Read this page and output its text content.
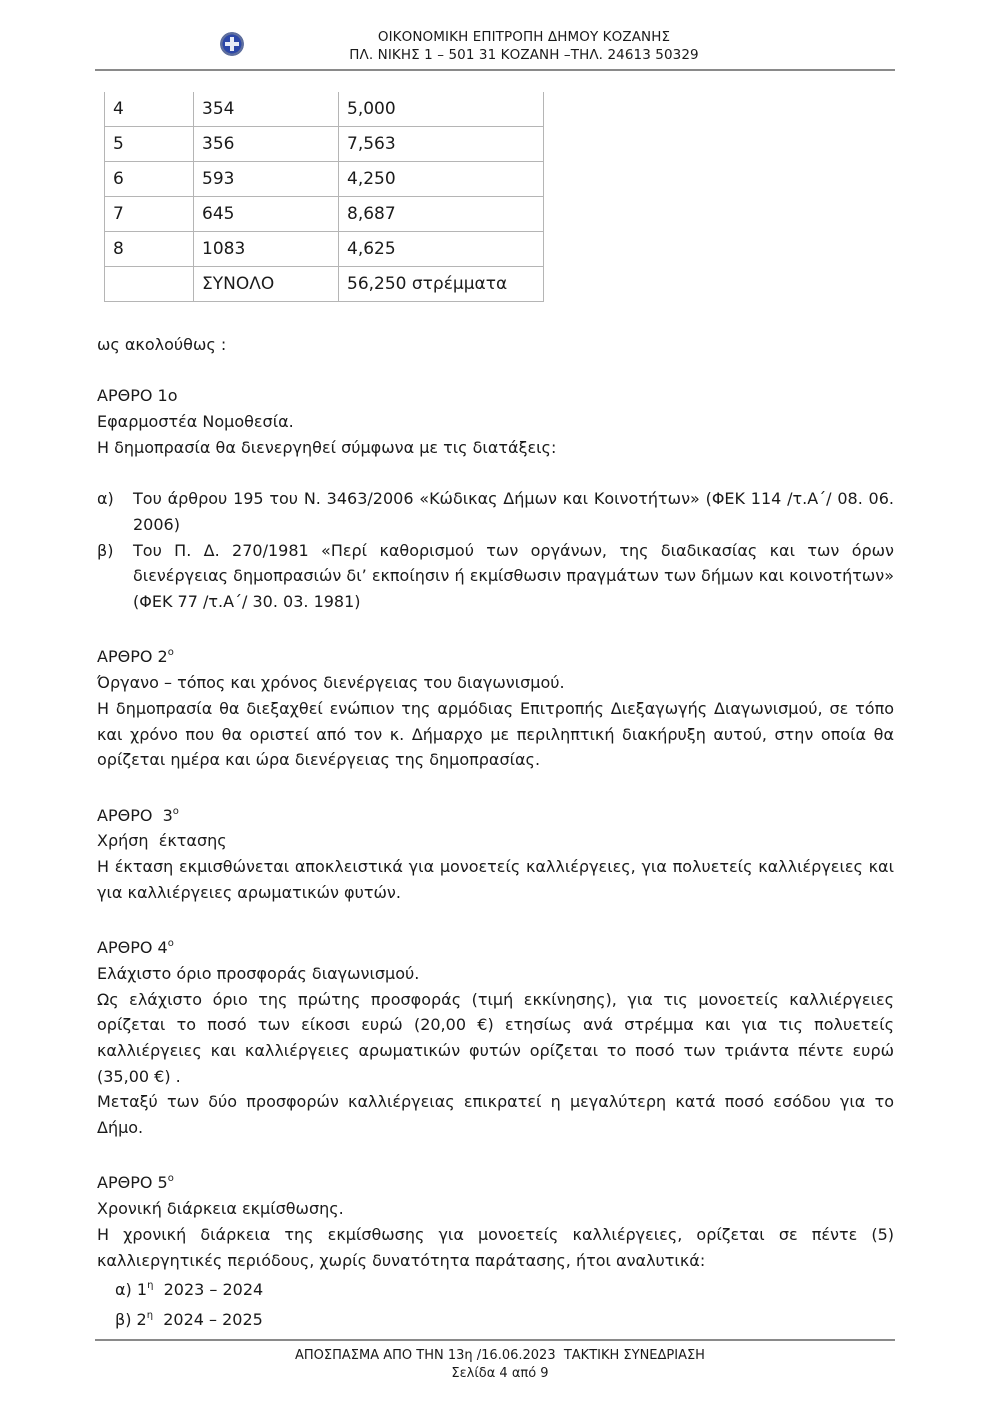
ΟΙΚΟΝΟΜΙΚΗ ΕΠΙΤΡΟΠΗ ΔΗΜΟΥ ΚΟΖΑΝΗΣ
ΠΛ. ΝΙΚΗΣ 1 – 501 31 ΚΟΖΑΝΗ –ΤΗΛ. 24613 50329
4	354	5,000
5	356	7,563
6	593	4,250
7	645	8,687
8	1083	4,625
	ΣΥΝΟΛΟ	56,250 στρέμματα

ως ακολούθως :

ΑΡΘΡΟ 1ο

Εφαρμοστέα Νομοθεσία.

Η δημοπρασία θα διενεργηθεί σύμφωνα με τις διατάξεις:

α)	Του άρθρου 195 του Ν. 3463/2006 «Κώδικας Δήμων και Κοινοτήτων» (ΦΕΚ 114 /τ.Α΄/ 08. 06. 2006)
β)	Του Π. Δ. 270/1981 «Περί καθορισμού των οργάνων, της διαδικασίας και των όρων διενέργειας δημοπρασιών δι’ εκποίησιν ή εκμίσθωσιν πραγμάτων των δήμων και κοινοτήτων» (ΦΕΚ 77 /τ.Α΄/ 30. 03. 1981)

ΑΡΘΡΟ $2^o$

Όργανο – τόπος και χρόνος διενέργειας του διαγωνισμού.

Η δημοπρασία θα διεξαχθεί ενώπιον της αρμόδιας Επιτροπής Διεξαγωγής Διαγωνισμού, σε τόπο και χρόνο που θα οριστεί από τον κ. Δήμαρχο με περιληπτική διακήρυξη αυτού, στην οποία θα ορίζεται ημέρα και ώρα διενέργειας της δημοπρασίας.

ΑΡΘΡΟ  $3^o$

Χρήση  έκτασης

Η έκταση εκμισθώνεται αποκλειστικά για μονοετείς καλλιέργειες, για πολυετείς καλλιέργειες και για καλλιέργειες αρωματικών φυτών.

ΑΡΘΡΟ $4^o$

Ελάχιστο όριο προσφοράς διαγωνισμού.

Ως ελάχιστο όριο της πρώτης προσφοράς (τιμή εκκίνησης), για τις μονοετείς καλλιέργειες ορίζεται το ποσό των είκοσι ευρώ (20,00 €) ετησίως ανά στρέμμα και για τις πολυετείς καλλιέργειες και καλλιέργειες αρωματικών φυτών ορίζεται το ποσό των τριάντα πέντε ευρώ (35,00 €) .

Μεταξύ των δύο προσφορών καλλιέργειας επικρατεί η μεγαλύτερη κατά ποσό εσόδου για το Δήμο.

ΑΡΘΡΟ $5^o$

Χρονική διάρκεια εκμίσθωσης.

Η χρονική διάρκεια της εκμίσθωσης για μονοετείς καλλιέργειες, ορίζεται σε πέντε (5) καλλιεργητικές περιόδους, χωρίς δυνατότητα παράτασης, ήτοι αναλυτικά:

α) $1^\eta$ 2023 – 2024

β) $2^\eta$ 2024 – 2025

ΑΠΟΣΠΑΣΜΑ ΑΠΟ ΤΗΝ 13η /16.06.2023  ΤΑΚΤΙΚΗ ΣΥΝΕΔΡΙΑΣΗ
Σελίδα 4 από 9
